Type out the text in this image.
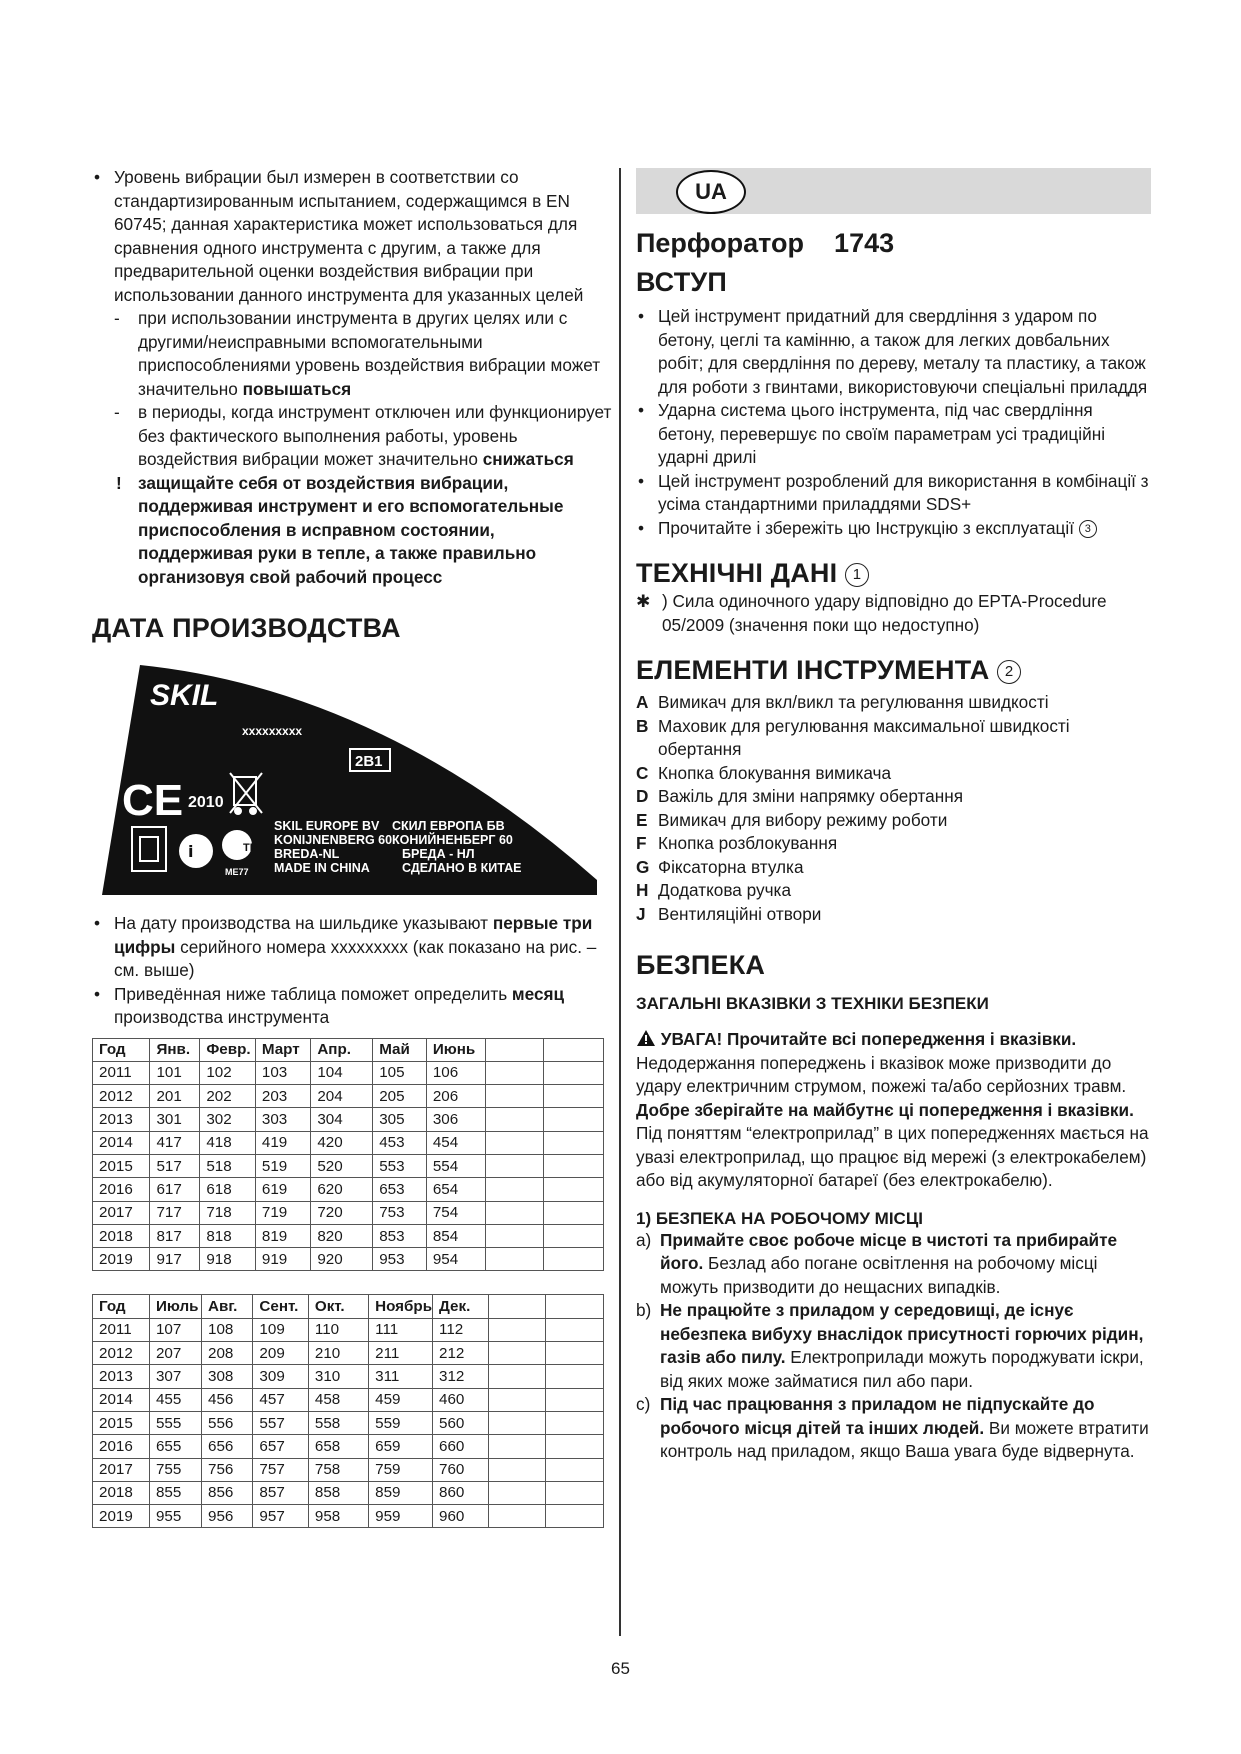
• Уровень вибрации был измерен в соответствии со стандартизированным испытанием, содержащимся в EN 60745; данная характеристика может использоваться для сравнения одного инструмента с другим, а также для предварительной оценки воздействия вибрации при использовании данного инструмента для указанных целей

- при использовании инструмента в других целях или с другими/неисправными вспомогательными приспособлениями уровень воздействия вибрации может значительно повышаться

- в периоды, когда инструмент отключен или функционирует без фактического выполнения работы, уровень воздействия вибрации может значительно снижаться

! защищайте себя от воздействия вибрации, поддерживая инструмент и его вспомогательные приспособления в исправном состоянии, поддерживая руки в тепле, а также правильно организовуя свой рабочий процесс

ДАТА ПРОИЗВОДСТВА
SKIL
xxxxxxxxx
2B1
CE 2010
i	TP
ME77
SKIL EUROPE BV
KONIJNENBERG 60
BREDA-NL
MADE IN CHINA
СКИЛ ЕВРОПА БВ
КОНИЙНЕНБЕРГ 60
БРЕДА - НЛ
СДЕЛАНО В КИТАЕ

• На дату производства на шильдике указывают первые три цифры серийного номера xxxxxxxxx (как показано на рис. – см. выше)

• Приведённая ниже таблица поможет определить месяц производства инструмента

Год	Янв.	Февр.	Март	Апр.	Май	Июнь		
2011	101	102	103	104	105	106		
2012	201	202	203	204	205	206		
2013	301	302	303	304	305	306		
2014	417	418	419	420	453	454		
2015	517	518	519	520	553	554		
2016	617	618	619	620	653	654		
2017	717	718	719	720	753	754		
2018	817	818	819	820	853	854		
2019	917	918	919	920	953	954		
Год	Июль	Авг.	Сент.	Окт.	Ноябрь	Дек.		
2011	107	108	109	110	111	112		
2012	207	208	209	210	211	212		
2013	307	308	309	310	311	312		
2014	455	456	457	458	459	460		
2015	555	556	557	558	559	560		
2016	655	656	657	658	659	660		
2017	755	756	757	758	759	760		
2018	855	856	857	858	859	860		
2019	955	956	957	958	959	960		
UA
Перфоратор 1743
ВСТУП

• Цей інструмент придатний для свердління з ударом по бетону, цеглі та камінню, а також для легких довбальних робіт; для свердління по дереву, металу та пластику, а також для роботи з гвинтами, використовуючи спеціальні приладдя

• Ударна система цього інструмента, під час свердління бетону, перевершує по своїм параметрам усі традиційні ударні дрилі

• Цей інструмент розроблений для використання в комбінації з усіма стандартними приладдями SDS+

• Прочитайте і збережіть цю Інструкцію з експлуатації 3

ТЕХНІЧНІ ДАНІ 1

✱ ) Сила одиночного удару відповідно до EPTA-Procedure 05/2009 (значення поки що недоступно)

ЕЛЕМЕНТИ ІНСТРУМЕНТА 2

A Вимикач для вкл/викл та регулювання швидкості

B Маховик для регулювання максимальної швидкості обертання

C Кнопка блокування вимикача

D Важіль для зміни напрямку обертання

E Вимикач для вибору режиму роботи

F Кнопка розблокування

G Фіксаторна втулка

H Додаткова ручка

J Вентиляційні отвори

БЕЗПЕКА
ЗАГАЛЬНІ ВКАЗІВКИ З ТЕХНІКИ БЕЗПЕКИ

УВАГА! Прочитайте всі попередження і вказівки. Недодержання попереджень і вказівок може призводити до удару електричним струмом, пожежі та/або серйозних травм. Добре зберігайте на майбутнє ці попередження і вказівки. Під поняттям “електроприлад” в цих попередженнях мається на увазі електроприлад, що працює від мережі (з електрокабелем) або від акумуляторної батареї (без електрокабелю).

1) БЕЗПЕКА НА РОБОЧОМУ МІСЦІ

a) Примайте своє робоче місце в чистоті та прибирайте його. Безлад або погане освітлення на робочому місці можуть призводити до нещасних випадків.

b) Не працюйте з приладом у середовищі, де існує небезпека вибуху внаслідок присутності горючих рідин, газів або пилу. Електроприлади можуть породжувати іскри, від яких може займатися пил або пари.

c) Під час працювання з приладом не підпускайте до робочого місця дітей та інших людей. Ви можете втратити контроль над приладом, якщо Ваша увага буде відвернута.

65
